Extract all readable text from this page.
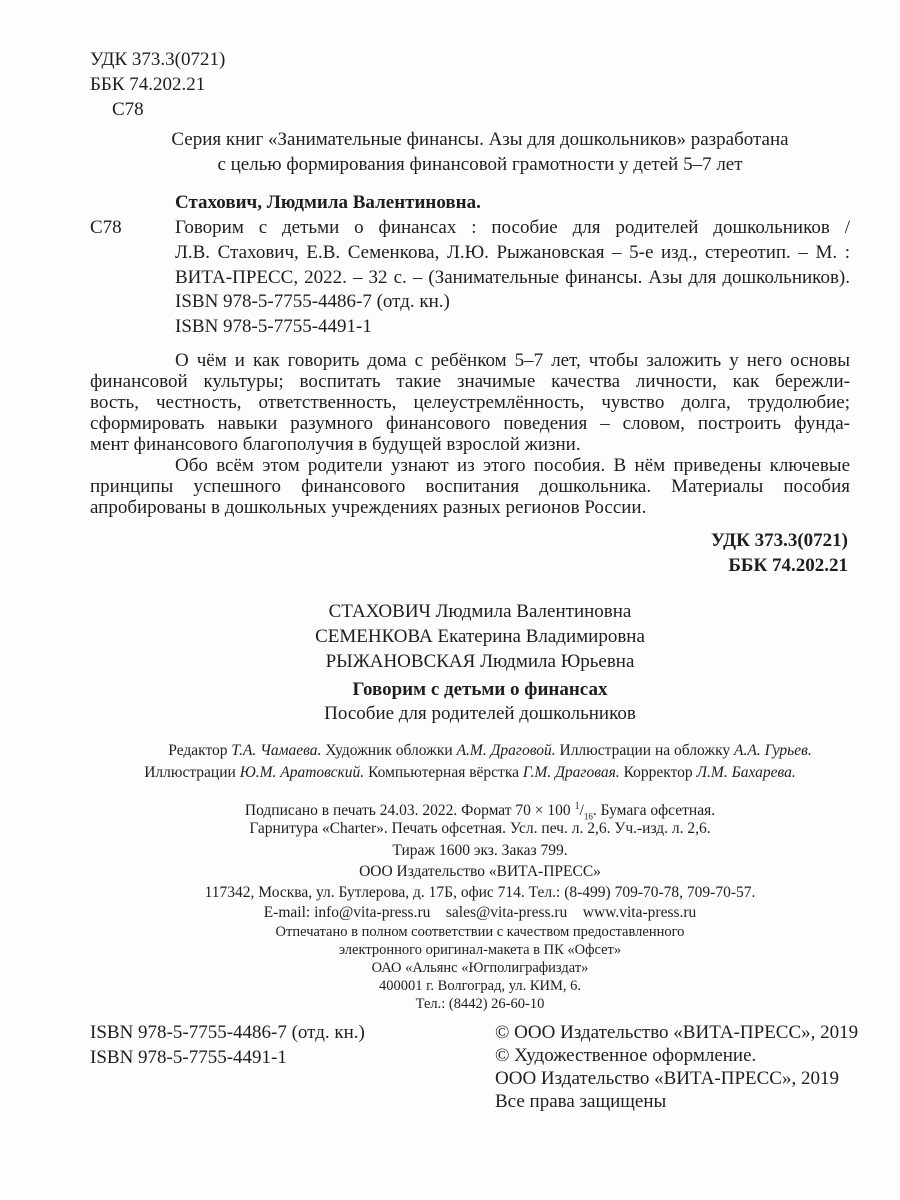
УДК 373.3(0721)
ББК 74.202.21
С78
Серия книг «Занимательные финансы. Азы для дошкольников» разработана
с целью формирования финансовой грамотности у детей 5–7 лет
Стахович, Людмила Валентиновна.
С78	Говорим с детьми о финансах : пособие для родителей дошкольников /
Л.В. Стахович, Е.В. Семенкова, Л.Ю. Рыжановская – 5-е изд., стереотип. – М. :
ВИТА-ПРЕСС, 2022. – 32 с. – (Занимательные финансы. Азы для дошкольников).
ISBN 978-5-7755-4486-7 (отд. кн.)
ISBN 978-5-7755-4491-1
О чём и как говорить дома с ребёнком 5–7 лет, чтобы заложить у него основы
финансовой культуры; воспитать такие значимые качества личности, как бережли-
вость, честность, ответственность, целеустремлённость, чувство долга, трудолюбие;
сформировать навыки разумного финансового поведения – словом, построить фунда-
мент финансового благополучия в будущей взрослой жизни.
Обо всём этом родители узнают из этого пособия. В нём приведены ключевые
принципы успешного финансового воспитания дошкольника. Материалы пособия
апробированы в дошкольных учреждениях разных регионов России.
УДК 373.3(0721)
ББК 74.202.21
СТАХОВИЧ Людмила Валентиновна
СЕМЕНКОВА Екатерина Владимировна
РЫЖАНОВСКАЯ Людмила Юрьевна
Говорим с детьми о финансах
Пособие для родителей дошкольников
Редактор Т.А. Чамаева. Художник обложки А.М. Драговой. Иллюстрации на обложку А.А. Гурьев.
Иллюстрации Ю.М. Аратовский. Компьютерная вёрстка Г.М. Драговая. Корректор Л.М. Бахарева.
Подписано в печать 24.03. 2022. Формат 70 × 100 $^1/_{16}$. Бумага офсетная.
Гарнитура «Charter». Печать офсетная. Усл. печ. л. 2,6. Уч.-изд. л. 2,6.
Тираж 1600 экз. Заказ 799.
ООО Издательство «ВИТА-ПРЕСС»
117342, Москва, ул. Бутлерова, д. 17Б, офис 714. Тел.: (8-499) 709-70-78, 709-70-57.
E-mail: info@vita-press.ru    sales@vita-press.ru    www.vita-press.ru
Отпечатано в полном соответствии с качеством предоставленного
электронного оригинал-макета в ПК «Офсет»
ОАО «Альянс «Югполиграфиздат»
400001 г. Волгоград, ул. КИМ, 6.
Тел.: (8442) 26-60-10
ISBN 978-5-7755-4486-7 (отд. кн.)
ISBN 978-5-7755-4491-1
© ООО Издательство «ВИТА-ПРЕСС», 2019
© Художественное оформление.
ООО Издательство «ВИТА-ПРЕСС», 2019
Все права защищены
